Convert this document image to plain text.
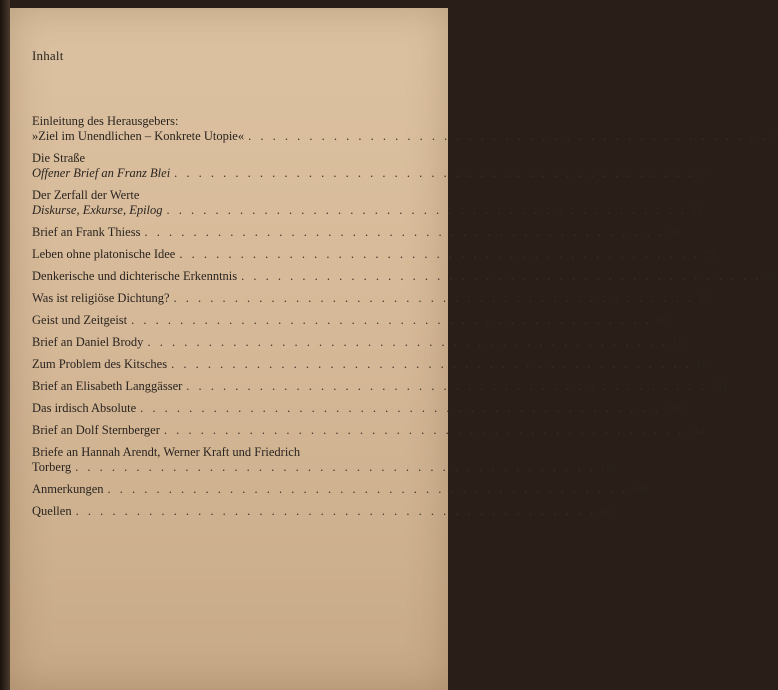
Inhalt
Einleitung des Herausgebers:
»Ziel im Unendlichen – Konkrete Utopie« . . . . . . . . . . . . . . . . . . . . . . . . . . . . . . . . . . . . . . . . . . . 7
Die Straße
Offener Brief an Franz Blei . . . . . . . . . . . . . . . . . . . . . . . . . . . . . . . . . . . . . . . . . . . 27
Der Zerfall der Werte
Diskurse, Exkurse, Epilog . . . . . . . . . . . . . . . . . . . . . . . . . . . . . . . . . . . . . . . . . . . 31
Brief an Frank Thiess . . . . . . . . . . . . . . . . . . . . . . . . . . . . . . . . . . . . . . . . . . . 69
Leben ohne platonische Idee . . . . . . . . . . . . . . . . . . . . . . . . . . . . . . . . . . . . . . . . . . . 72
Denkerische und dichterische Erkenntnis . . . . . . . . . . . . . . . . . . . . . . . . . . . . . . . . . . . . . . . . . . . 79
Was ist religiöse Dichtung? . . . . . . . . . . . . . . . . . . . . . . . . . . . . . . . . . . . . . . . . . . . 85
Geist und Zeitgeist . . . . . . . . . . . . . . . . . . . . . . . . . . . . . . . . . . . . . . . . . . . 90
Brief an Daniel Brody . . . . . . . . . . . . . . . . . . . . . . . . . . . . . . . . . . . . . . . . . . . 113
Zum Problem des Kitsches . . . . . . . . . . . . . . . . . . . . . . . . . . . . . . . . . . . . . . . . . . . 117
Brief an Elisabeth Langgässer . . . . . . . . . . . . . . . . . . . . . . . . . . . . . . . . . . . . . . . . . . . 133
Das irdisch Absolute . . . . . . . . . . . . . . . . . . . . . . . . . . . . . . . . . . . . . . . . . . . 139
Brief an Dolf Sternberger . . . . . . . . . . . . . . . . . . . . . . . . . . . . . . . . . . . . . . . . . . . 154
Briefe an Hannah Arendt, Werner Kraft und Friedrich
Torberg . . . . . . . . . . . . . . . . . . . . . . . . . . . . . . . . . . . . . . . . . . . 159
Anmerkungen . . . . . . . . . . . . . . . . . . . . . . . . . . . . . . . . . . . . . . . . . . . 163
Quellen . . . . . . . . . . . . . . . . . . . . . . . . . . . . . . . . . . . . . . . . . . . 167
